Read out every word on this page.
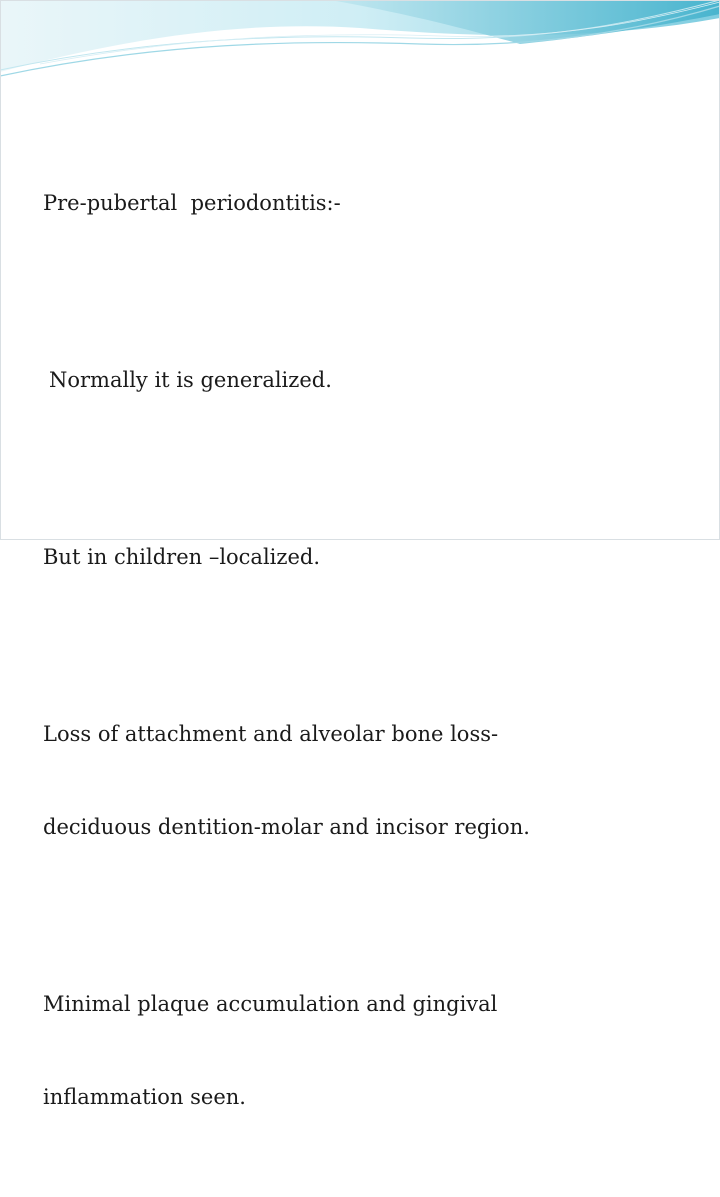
Pre-pubertal  periodontitis:-

Normally it is generalized.

But in children –localized.

Loss of attachment and alveolar bone loss-

deciduous dentition-molar and incisor region.

Minimal plaque accumulation and gingival

inflammation seen.
